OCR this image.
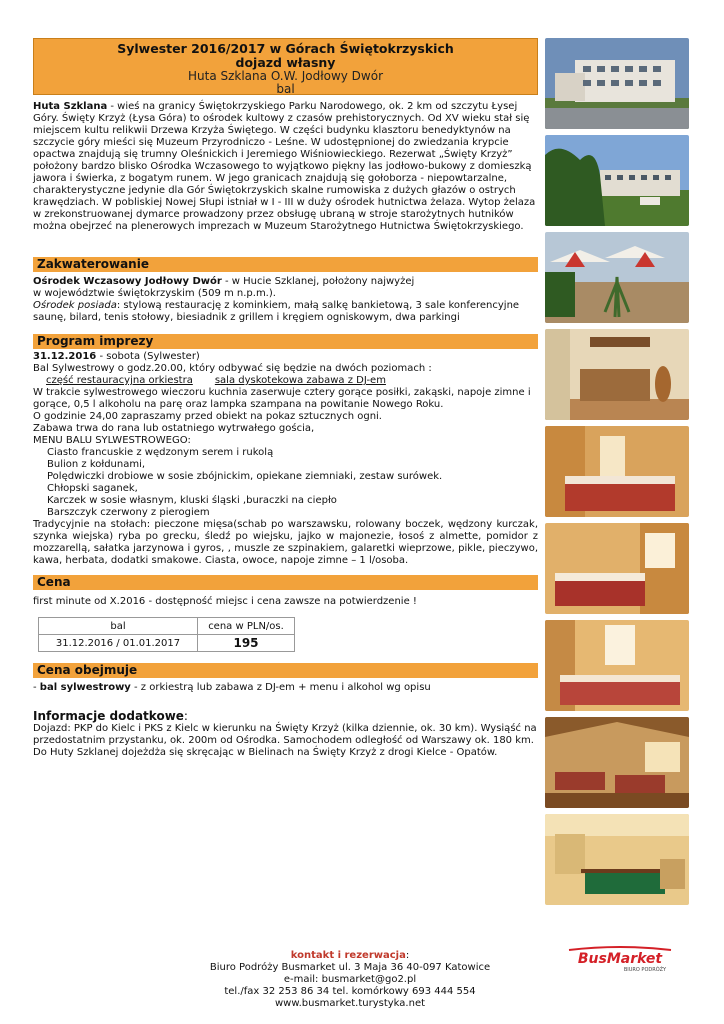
Sylwester 2016/2017 w Górach Świętokrzyskich
dojazd własny
Huta Szklana O.W. Jodłowy Dwór
bal

Huta Szklana - wieś na granicy Świętokrzyskiego Parku Narodowego, ok. 2 km od szczytu Łysej Góry. Święty Krzyż (Łysa Góra) to ośrodek kultowy z czasów prehistorycznych. Od XV wieku stał się miejscem kultu relikwii Drzewa Krzyża Świętego. W części budynku klasztoru benedyktynów na szczycie góry mieści się Muzeum Przyrodniczo - Leśne. W udostępnionej do zwiedzania krypcie opactwa znajdują się trumny Oleśnickich i Jeremiego Wiśniowieckiego. Rezerwat „Święty Krzyż” położony bardzo blisko Ośrodka Wczasowego to wyjątkowo piękny las jodłowo-bukowy z domieszką jawora i świerka, z bogatym runem. W jego granicach znajdują się gołoborza - niepowtarzalne, charakterystyczne jedynie dla Gór Świętokrzyskich skalne rumowiska z dużych głazów o ostrych krawędziach. W pobliskiej Nowej Słupi istniał w I - III w duży ośrodek hutnictwa żelaza. Wytop żelaza w zrekonstruowanej dymarce prowadzony przez obsługę ubraną w stroje starożytnych hutników można obejrzeć na plenerowych imprezach w Muzeum Starożytnego Hutnictwa Świętokrzyskiego.

Zakwaterowanie

Ośrodek Wczasowy Jodłowy Dwór - w Hucie Szklanej, położony najwyżej

w województwie świętokrzyskim (509 m n.p.m.).

Ośrodek posiada: stylową restaurację z kominkiem, małą salkę bankietową, 3 sale konferencyjne saunę, bilard, tenis stołowy, biesiadnik z grillem i kręgiem ogniskowym, dwa parkingi

Program imprezy

31.12.2016 - sobota (Sylwester)

Bal Sylwestrowy o godz.20.00, który odbywać się będzie na dwóch poziomach :

część restauracyjna orkiestra sala dyskotekowa zabawa z DJ-em

W trakcie sylwestrowego wieczoru kuchnia zaserwuje cztery gorące posiłki, zakąski, napoje zimne i gorące, 0,5 l alkoholu na parę oraz lampka szampana na powitanie Nowego Roku.

O godzinie 24,00 zapraszamy przed obiekt na pokaz sztucznych ogni.

Zabawa trwa do rana lub ostatniego wytrwałego gościa,

MENU BALU SYLWESTROWEGO:

Ciasto francuskie z wędzonym serem i rukolą

Bulion z kołdunami,

Polędwiczki drobiowe w sosie zbójnickim, opiekane ziemniaki, zestaw surówek.

Chłopski saganek,

Karczek w sosie własnym, kluski śląski ,buraczki na ciepło

Barszczyk czerwony z pierogiem

Tradycyjnie na stołach: pieczone mięsa(schab po warszawsku, rolowany boczek, wędzony kurczak, szynka wiejska) ryba po grecku, śledź po wiejsku, jajko w majonezie, łosoś z almette, pomidor z mozzarellą, sałatka jarzynowa i gyros, , muszle ze szpinakiem, galaretki wieprzowe, pikle, pieczywo, kawa, herbata, dodatki smakowe. Ciasta, owoce, napoje zimne – 1 l/osoba.

Cena
first minute od X.2016 - dostępność miejsc i cena zawsze na potwierdzenie !
bal	cena w PLN/os.
31.12.2016 / 01.01.2017	195
Cena obejmuje

- bal sylwestrowy - z orkiestrą lub zabawa z DJ-em + menu i alkohol wg opisu

Informacje dodatkowe:

Dojazd: PKP do Kielc i PKS z Kielc w kierunku na Święty Krzyż (kilka dziennie, ok. 30 km). Wysiąść na przedostatnim przystanku, ok. 200m od Ośrodka. Samochodem odległość od Warszawy ok. 180 km. Do Huty Szklanej dojeżdża się skręcając w Bielinach na Święty Krzyż z drogi Kielce - Opatów.

kontakt i rezerwacja:

Biuro Podróży Busmarket ul. 3 Maja 36 40-097 Katowice

e-mail: busmarket@go2.pl

tel./fax 32 253 86 34 tel. komórkowy 693 444 554

www.busmarket.turystyka.net

BusMarket
BIURO PODRÓŻY
